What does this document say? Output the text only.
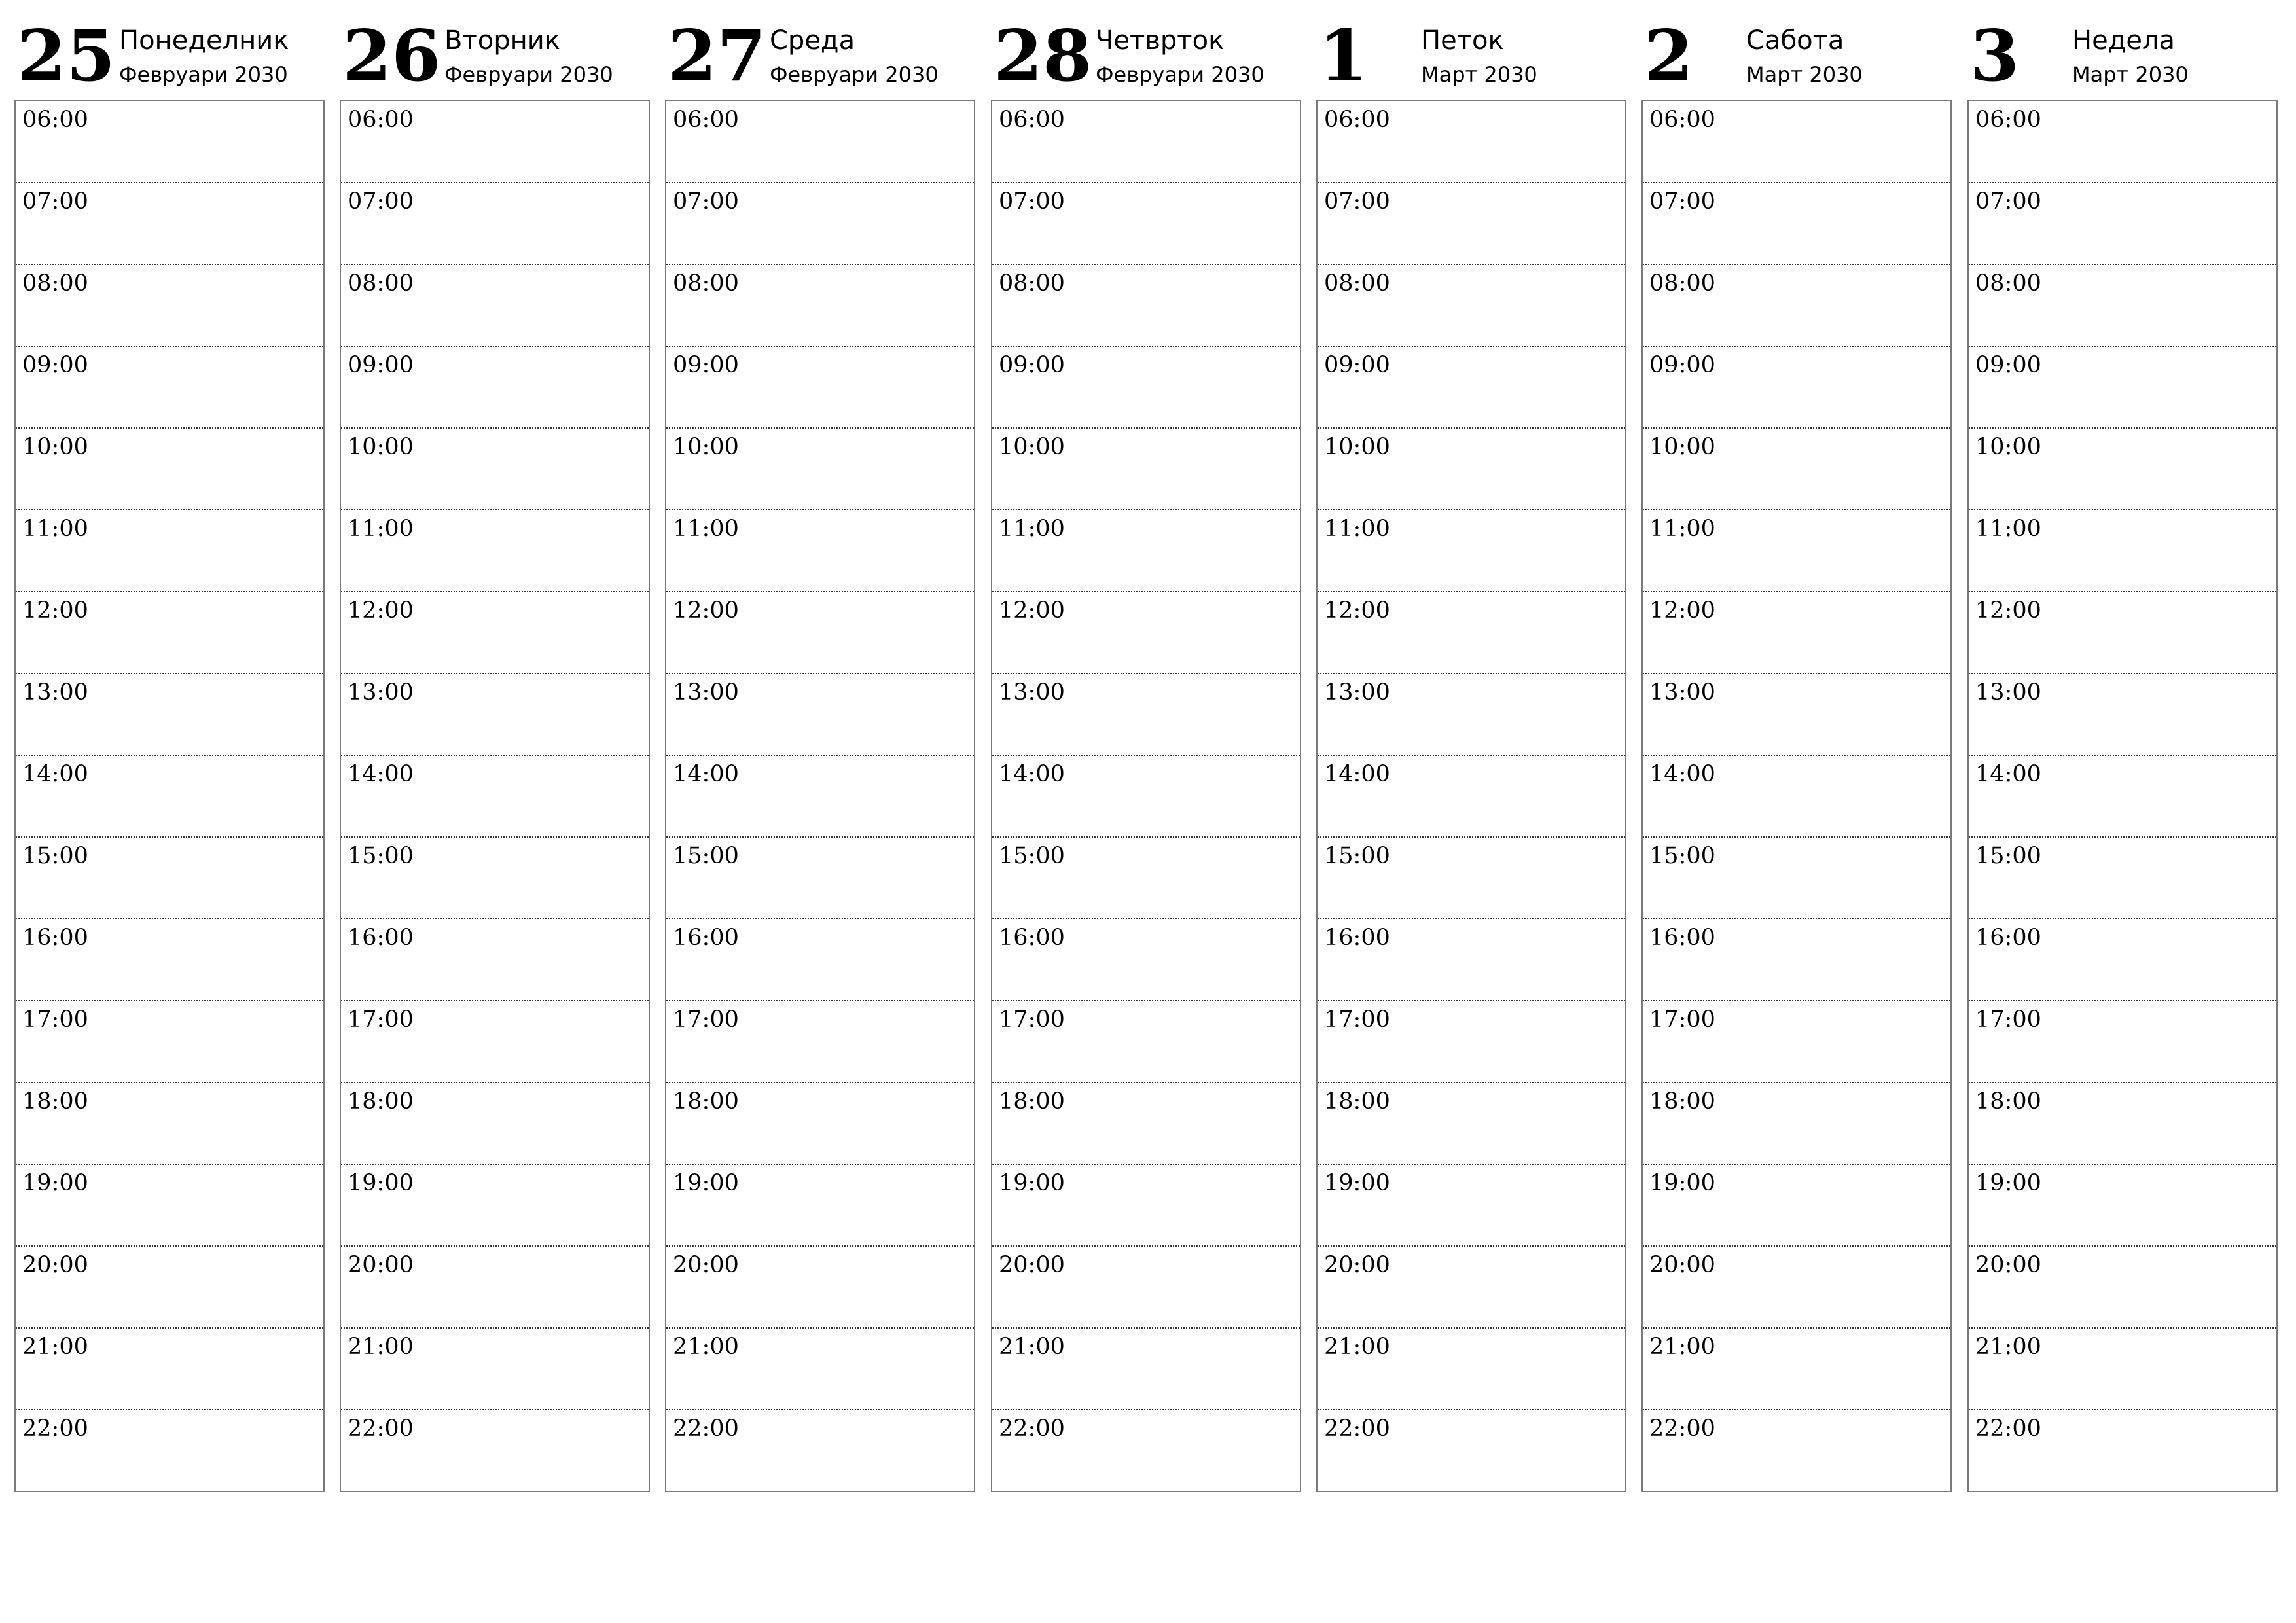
25 Понеделник
Февруари 2030
06:00
07:00
08:00
09:00
10:00
11:00
12:00
13:00
14:00
15:00
16:00
17:00
18:00
19:00
20:00
21:00
22:00
26 Вторник
Февруари 2030
06:00
07:00
08:00
09:00
10:00
11:00
12:00
13:00
14:00
15:00
16:00
17:00
18:00
19:00
20:00
21:00
22:00
27 Среда
Февруари 2030
06:00
07:00
08:00
09:00
10:00
11:00
12:00
13:00
14:00
15:00
16:00
17:00
18:00
19:00
20:00
21:00
22:00
28 Четврток
Февруари 2030
06:00
07:00
08:00
09:00
10:00
11:00
12:00
13:00
14:00
15:00
16:00
17:00
18:00
19:00
20:00
21:00
22:00
1 Петок
Март 2030
06:00
07:00
08:00
09:00
10:00
11:00
12:00
13:00
14:00
15:00
16:00
17:00
18:00
19:00
20:00
21:00
22:00
2 Сабота
Март 2030
06:00
07:00
08:00
09:00
10:00
11:00
12:00
13:00
14:00
15:00
16:00
17:00
18:00
19:00
20:00
21:00
22:00
3 Недела
Март 2030
06:00
07:00
08:00
09:00
10:00
11:00
12:00
13:00
14:00
15:00
16:00
17:00
18:00
19:00
20:00
21:00
22:00
